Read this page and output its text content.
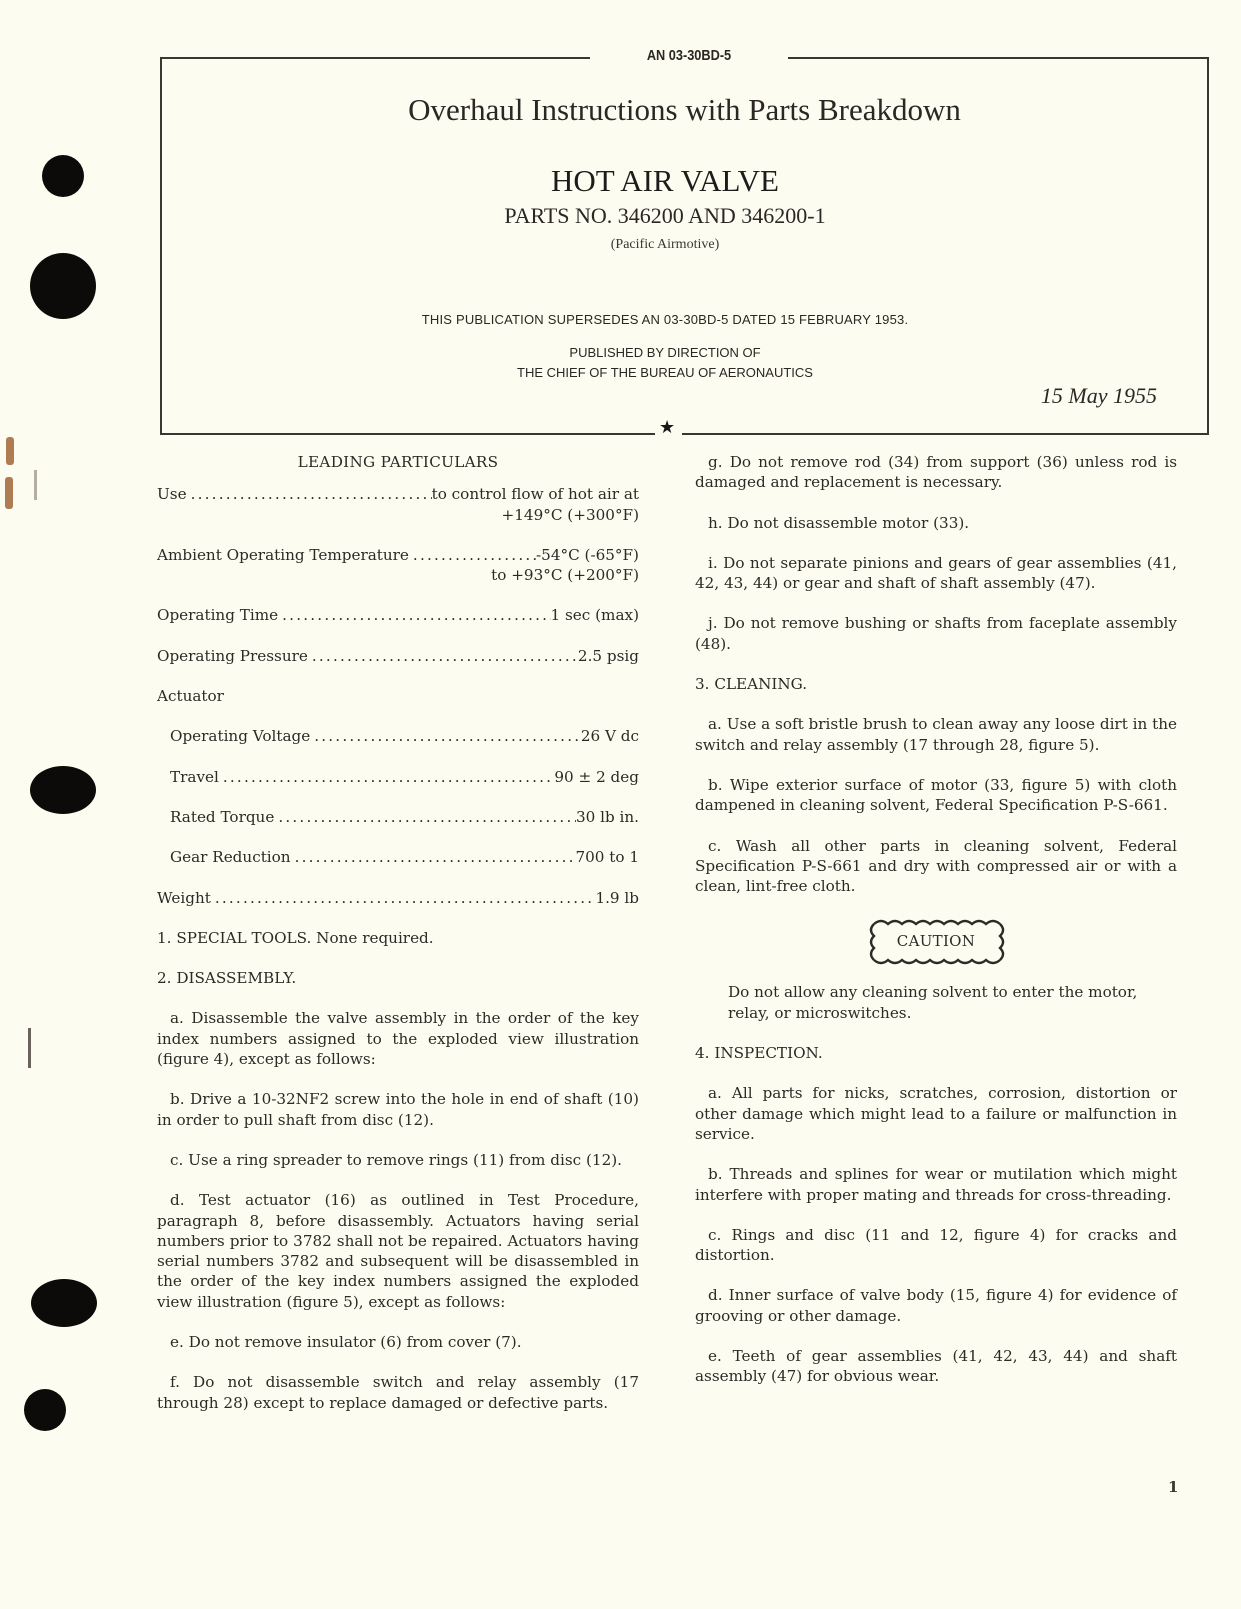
★
AN 03-30BD-5
Overhaul Instructions with Parts Breakdown
HOT AIR VALVE
PARTS NO. 346200 AND 346200-1
(Pacific Airmotive)
THIS PUBLICATION SUPERSEDES AN 03-30BD-5 DATED 15 FEBRUARY 1953.
PUBLISHED BY DIRECTION OF
THE CHIEF OF THE BUREAU OF AERONAUTICS
15 May 1955
LEADING PARTICULARS
Use .....	to control flow of hot air at
+149°C (+300°F)
Ambient Operating Temperature .....	-54°C (-65°F)
to +93°C (+200°F)
Operating Time .....	1 sec (max)
Operating Pressure .....	2.5 psig
Actuator
Operating Voltage .....	26 V dc
Travel .....	90 ± 2 deg
Rated Torque .....	30 lb in.
Gear Reduction .....	700 to 1
Weight .....	1.9 lb
1. SPECIAL TOOLS. None required.
2. DISASSEMBLY.

a. Disassemble the valve assembly in the order of the key index numbers assigned to the exploded view illustration (figure 4), except as follows:

b. Drive a 10-32NF2 screw into the hole in end of shaft (10) in order to pull shaft from disc (12).

c. Use a ring spreader to remove rings (11) from disc (12).

d. Test actuator (16) as outlined in Test Procedure, paragraph 8, before disassembly. Actuators having serial numbers prior to 3782 shall not be repaired. Actuators having serial numbers 3782 and subsequent will be disassembled in the order of the key index numbers assigned the exploded view illustration (figure 5), except as follows:

e. Do not remove insulator (6) from cover (7).

f. Do not disassemble switch and relay assembly (17 through 28) except to replace damaged or defective parts.

g. Do not remove rod (34) from support (36) unless rod is damaged and replacement is necessary.

h. Do not disassemble motor (33).

i. Do not separate pinions and gears of gear assemblies (41, 42, 43, 44) or gear and shaft of shaft assembly (47).

j. Do not remove bushing or shafts from faceplate assembly (48).

3. CLEANING.

a. Use a soft bristle brush to clean away any loose dirt in the switch and relay assembly (17 through 28, figure 5).

b. Wipe exterior surface of motor (33, figure 5) with cloth dampened in cleaning solvent, Federal Specification P-S-661.

c. Wash all other parts in cleaning solvent, Federal Specification P-S-661 and dry with compressed air or with a clean, lint-free cloth.

CAUTION

Do not allow any cleaning solvent to enter the motor, relay, or microswitches.

4. INSPECTION.

a. All parts for nicks, scratches, corrosion, distortion or other damage which might lead to a failure or malfunction in service.

b. Threads and splines for wear or mutilation which might interfere with proper mating and threads for cross-threading.

c. Rings and disc (11 and 12, figure 4) for cracks and distortion.

d. Inner surface of valve body (15, figure 4) for evidence of grooving or other damage.

e. Teeth of gear assemblies (41, 42, 43, 44) and shaft assembly (47) for obvious wear.

1
